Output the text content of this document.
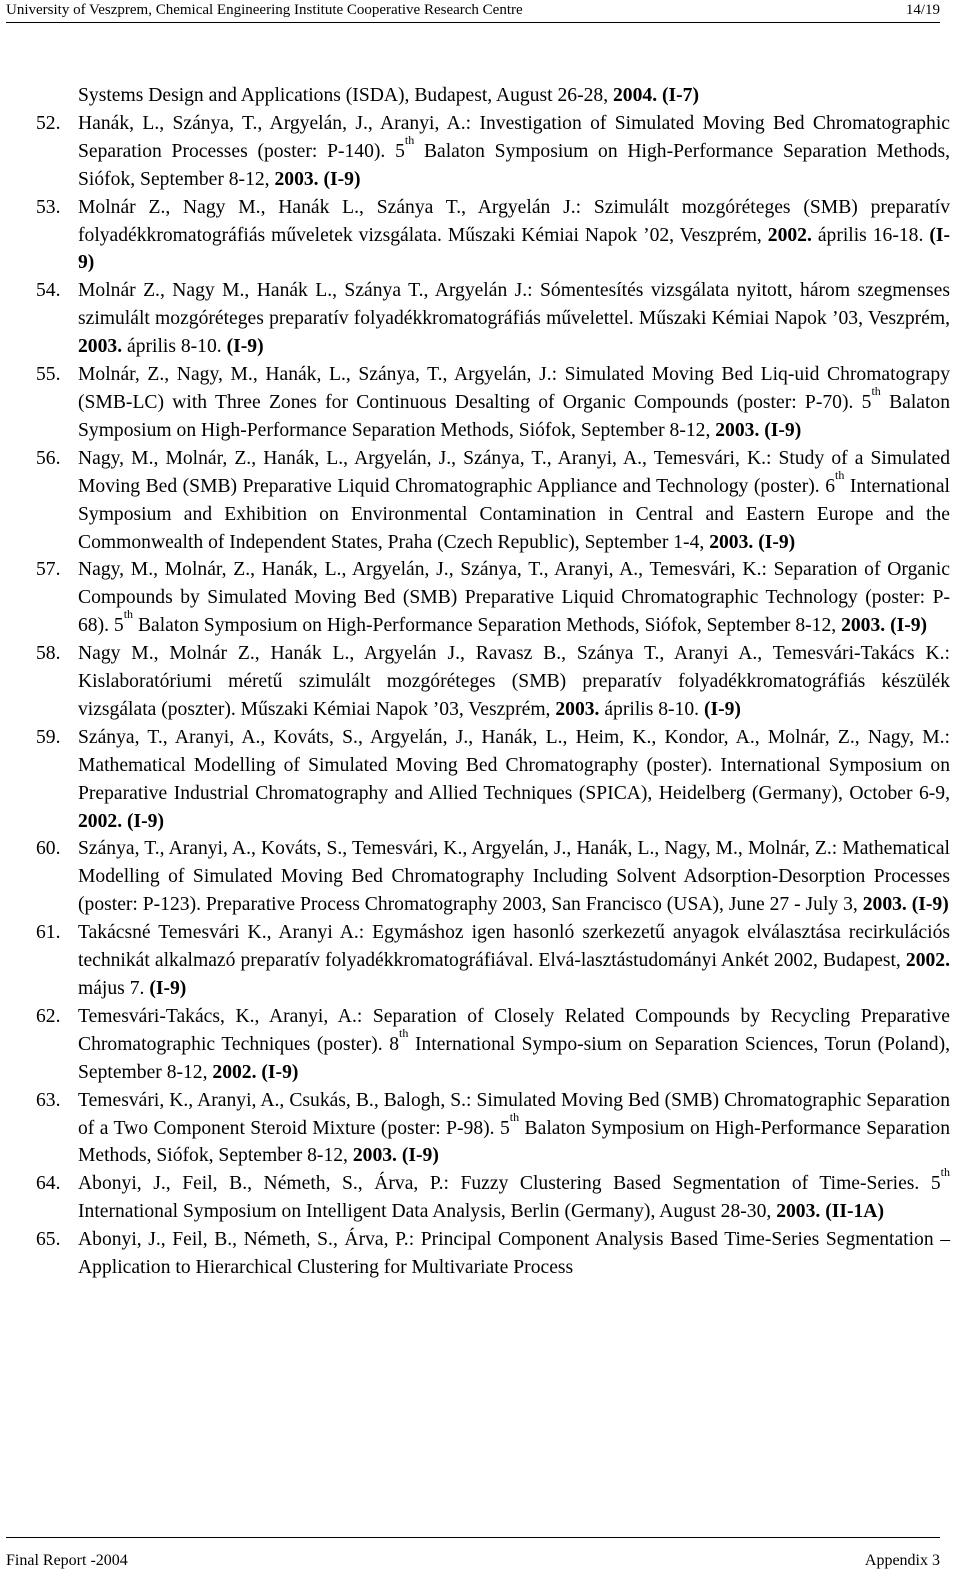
University of Veszprem, Chemical Engineering Institute Cooperative Research Centre	14/19
Systems Design and Applications (ISDA), Budapest, August 26-28, 2004. (I-7)
52. Hanák, L., Szánya, T., Argyelán, J., Aranyi, A.: Investigation of Simulated Moving Bed Chromatographic Separation Processes (poster: P-140). 5th Balaton Symposium on High-Performance Separation Methods, Siófok, September 8-12, 2003. (I-9)
53. Molnár Z., Nagy M., Hanák L., Szánya T., Argyelán J.: Szimulált mozgóréteges (SMB) preparatív folyadékkromatográfiás műveletek vizsgálata. Műszaki Kémiai Napok ’02, Veszprém, 2002. április 16-18. (I-9)
54. Molnár Z., Nagy M., Hanák L., Szánya T., Argyelán J.: Sómentesítés vizsgálata nyitott, három szegmenses szimulált mozgóréteges preparatív folyadékkromatográfiás művelettel. Műszaki Kémiai Napok ’03, Veszprém, 2003. április 8-10. (I-9)
55. Molnár, Z., Nagy, M., Hanák, L., Szánya, T., Argyelán, J.: Simulated Moving Bed Liq-uid Chromatograpy (SMB-LC) with Three Zones for Continuous Desalting of Organic Compounds (poster: P-70). 5th Balaton Symposium on High-Performance Separation Methods, Siófok, September 8-12, 2003. (I-9)
56. Nagy, M., Molnár, Z., Hanák, L., Argyelán, J., Szánya, T., Aranyi, A., Temesvári, K.: Study of a Simulated Moving Bed (SMB) Preparative Liquid Chromatographic Appliance and Technology (poster). 6th International Symposium and Exhibition on Environmental Contamination in Central and Eastern Europe and the Commonwealth of Independent States, Praha (Czech Republic), September 1-4, 2003. (I-9)
57. Nagy, M., Molnár, Z., Hanák, L., Argyelán, J., Szánya, T., Aranyi, A., Temesvári, K.: Separation of Organic Compounds by Simulated Moving Bed (SMB) Preparative Liquid Chromatographic Technology (poster: P-68). 5th Balaton Symposium on High-Performance Separation Methods, Siófok, September 8-12, 2003. (I-9)
58. Nagy M., Molnár Z., Hanák L., Argyelán J., Ravasz B., Szánya T., Aranyi A., Temesvári-Takács K.: Kislaboratóriumi méretű szimulált mozgóréteges (SMB) preparatív folyadékkromatográfiás készülék vizsgálata (poszter). Műszaki Kémiai Napok ’03, Veszprém, 2003. április 8-10. (I-9)
59. Szánya, T., Aranyi, A., Kováts, S., Argyelán, J., Hanák, L., Heim, K., Kondor, A., Molnár, Z., Nagy, M.: Mathematical Modelling of Simulated Moving Bed Chromatography (poster). International Symposium on Preparative Industrial Chromatography and Allied Techniques (SPICA), Heidelberg (Germany), October 6-9, 2002. (I-9)
60. Szánya, T., Aranyi, A., Kováts, S., Temesvári, K., Argyelán, J., Hanák, L., Nagy, M., Molnár, Z.: Mathematical Modelling of Simulated Moving Bed Chromatography Including Solvent Adsorption-Desorption Processes (poster: P-123). Preparative Process Chromatography 2003, San Francisco (USA), June 27 - July 3, 2003. (I-9)
61. Takácsné Temesvári K., Aranyi A.: Egymáshoz igen hasonló szerkezetű anyagok elválasztása recirkulációs technikát alkalmazó preparatív folyadékkromatográfiával. Elvá-lasztástudományi Ankét 2002, Budapest, 2002. május 7. (I-9)
62. Temesvári-Takács, K., Aranyi, A.: Separation of Closely Related Compounds by Recycling Preparative Chromatographic Techniques (poster). 8th International Sympo-sium on Separation Sciences, Torun (Poland), September 8-12, 2002. (I-9)
63. Temesvári, K., Aranyi, A., Csukás, B., Balogh, S.: Simulated Moving Bed (SMB) Chromatographic Separation of a Two Component Steroid Mixture (poster: P-98). 5th Balaton Symposium on High-Performance Separation Methods, Siófok, September 8-12, 2003. (I-9)
64. Abonyi, J., Feil, B., Németh, S., Árva, P.: Fuzzy Clustering Based Segmentation of Time-Series. 5th International Symposium on Intelligent Data Analysis, Berlin (Germany), August 28-30, 2003. (II-1A)
65. Abonyi, J., Feil, B., Németh, S., Árva, P.: Principal Component Analysis Based Time-Series Segmentation – Application to Hierarchical Clustering for Multivariate Process
Final Report -2004	Appendix 3
